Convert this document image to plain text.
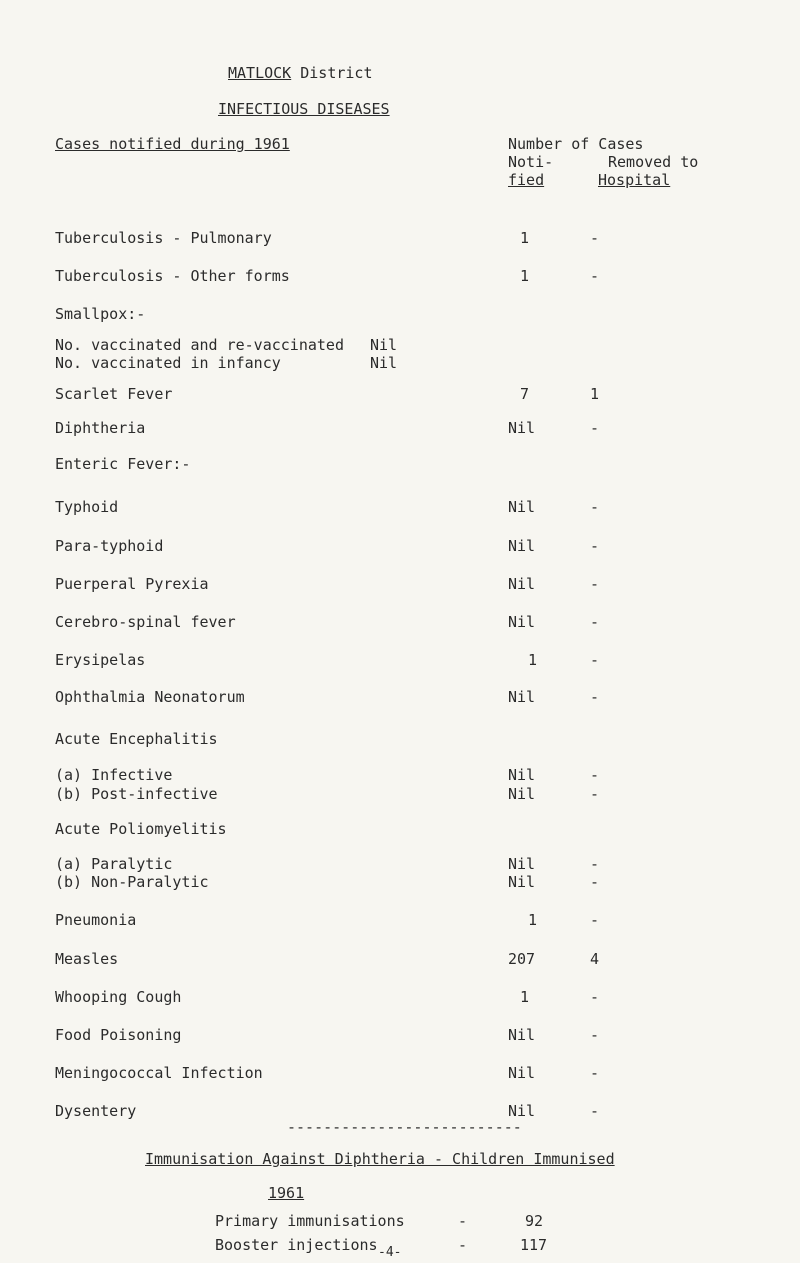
MATLOCK District
INFECTIOUS DISEASES
Cases notified during 1961	Number of Cases
Noti-	Removed to
fied	Hospital
Tuberculosis - Pulmonary	1	-
Tuberculosis - Other forms	1	-
Smallpox:-
No. vaccinated and re-vaccinated Nil
No. vaccinated in infancy	Nil
Scarlet Fever	7	1
Diphtheria	Nil	-
Enteric Fever:-
Typhoid	Nil	-
Para-typhoid	Nil	-
Puerperal Pyrexia	Nil	-
Cerebro-spinal fever	Nil	-
Erysipelas	1	-
Ophthalmia Neonatorum	Nil	-
Acute Encephalitis
(a) Infective	Nil	-
(b) Post-infective	Nil	-
Acute Poliomyelitis
(a) Paralytic	Nil	-
(b) Non-Paralytic	Nil	-
Pneumonia	1	-
Measles	207	4
Whooping Cough	1	-
Food Poisoning	Nil	-
Meningococcal Infection	Nil	-
Dysentery	Nil	-
--------------------------
Immunisation Against Diphtheria - Children Immunised
1961
Primary immunisations	-	92
Booster injections	-	117
-4-
